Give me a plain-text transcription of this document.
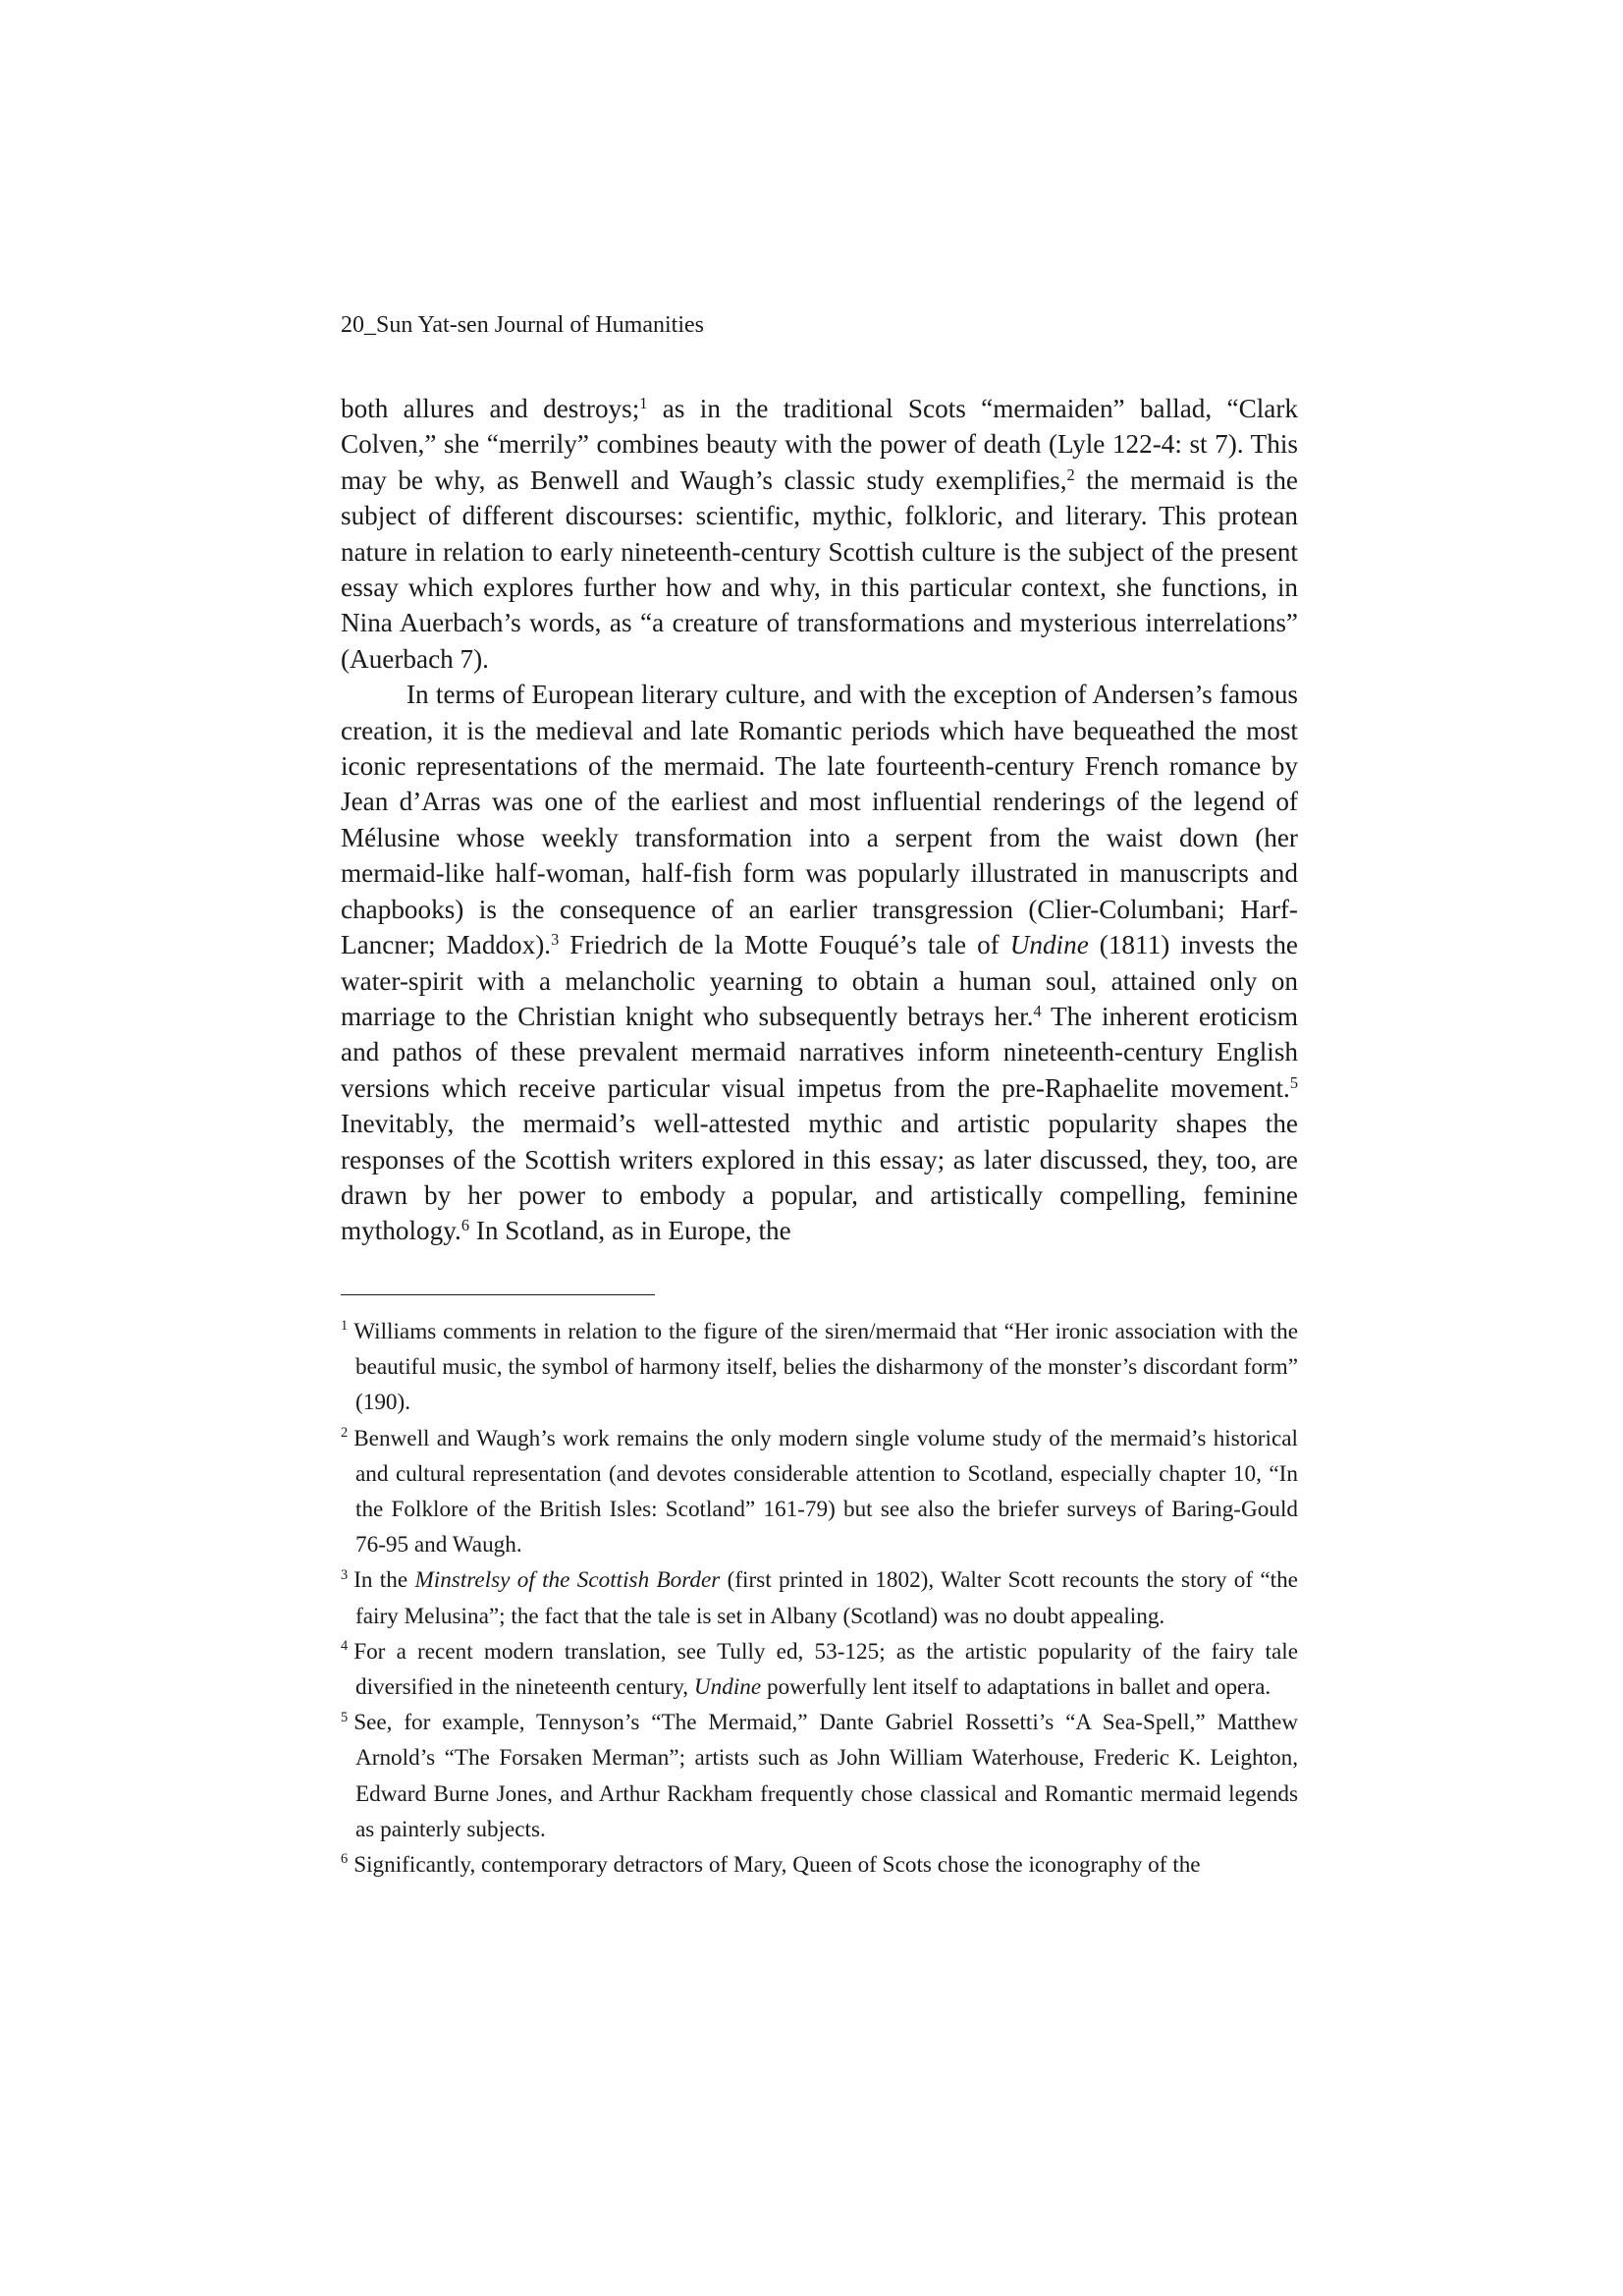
20_Sun Yat-sen Journal of Humanities

both allures and destroys;$^1$ as in the traditional Scots “mermaiden” ballad, “Clark Colven,” she “merrily” combines beauty with the power of death (Lyle 122-4: st 7). This may be why, as Benwell and Waugh’s classic study exemplifies,$^2$ the mermaid is the subject of different discourses: scientific, mythic, folkloric, and literary. This protean nature in relation to early nineteenth-century Scottish culture is the subject of the present essay which explores further how and why, in this particular context, she functions, in Nina Auerbach’s words, as “a creature of transformations and mysterious interrelations” (Auerbach 7).

In terms of European literary culture, and with the exception of Andersen’s famous creation, it is the medieval and late Romantic periods which have bequeathed the most iconic representations of the mermaid. The late fourteenth-century French romance by Jean d’Arras was one of the earliest and most influential renderings of the legend of Mélusine whose weekly transformation into a serpent from the waist down (her mermaid-like half-woman, half-fish form was popularly illustrated in manuscripts and chapbooks) is the consequence of an earlier transgression (Clier-Columbani; Harf-Lancner; Maddox).$^3$ Friedrich de la Motte Fouqué’s tale of Undine (1811) invests the water-spirit with a melancholic yearning to obtain a human soul, attained only on marriage to the Christian knight who subsequently betrays her.$^4$ The inherent eroticism and pathos of these prevalent mermaid narratives inform nineteenth-century English versions which receive particular visual impetus from the pre-Raphaelite movement.$^5$ Inevitably, the mermaid’s well-attested mythic and artistic popularity shapes the responses of the Scottish writers explored in this essay; as later discussed, they, too, are drawn by her power to embody a popular, and artistically compelling, feminine mythology.$^6$ In Scotland, as in Europe, the

$^1$ Williams comments in relation to the figure of the siren/mermaid that “Her ironic association with the beautiful music, the symbol of harmony itself, belies the disharmony of the monster’s discordant form” (190).

$^2$ Benwell and Waugh’s work remains the only modern single volume study of the mermaid’s historical and cultural representation (and devotes considerable attention to Scotland, especially chapter 10, “In the Folklore of the British Isles: Scotland” 161-79) but see also the briefer surveys of Baring-Gould 76-95 and Waugh.

$^3$ In the Minstrelsy of the Scottish Border (first printed in 1802), Walter Scott recounts the story of “the fairy Melusina”; the fact that the tale is set in Albany (Scotland) was no doubt appealing.

$^4$ For a recent modern translation, see Tully ed, 53-125; as the artistic popularity of the fairy tale diversified in the nineteenth century, Undine powerfully lent itself to adaptations in ballet and opera.

$^5$ See, for example, Tennyson’s “The Mermaid,” Dante Gabriel Rossetti’s “A Sea-Spell,” Matthew Arnold’s “The Forsaken Merman”; artists such as John William Waterhouse, Frederic K. Leighton, Edward Burne Jones, and Arthur Rackham frequently chose classical and Romantic mermaid legends as painterly subjects.

$^6$ Significantly, contemporary detractors of Mary, Queen of Scots chose the iconography of the
